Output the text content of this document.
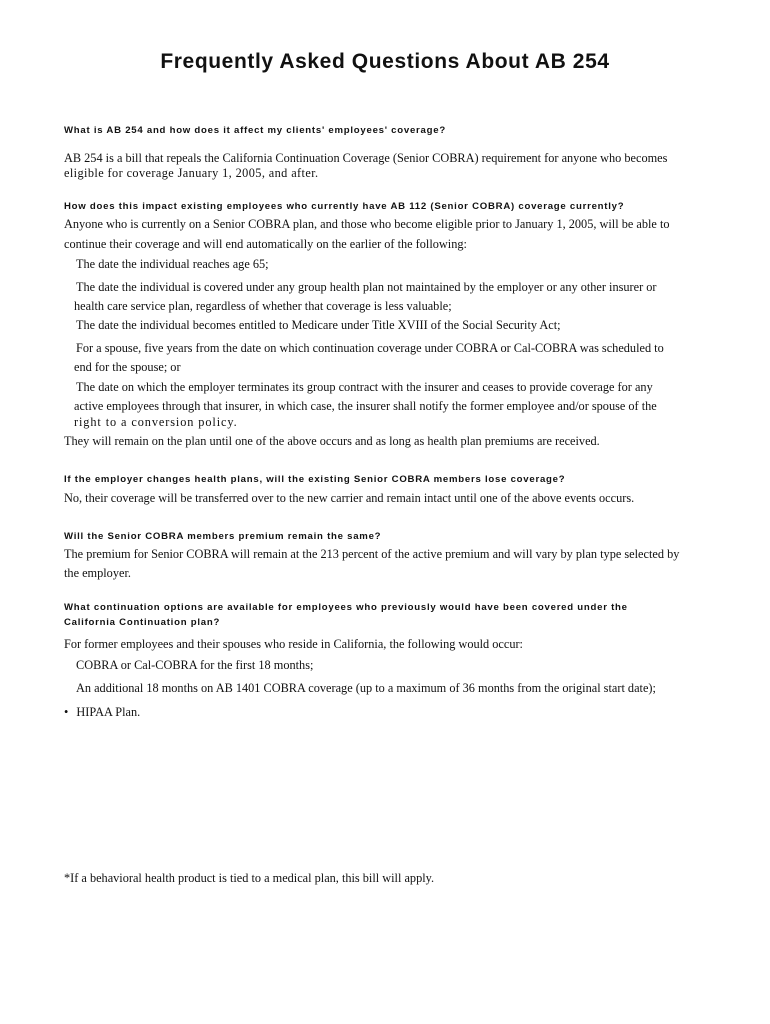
Frequently Asked Questions About AB 254
What is AB 254 and how does it affect my clients' employees' coverage?
AB 254 is a bill that repeals the California Continuation Coverage (Senior COBRA) requirement for anyone who becomes
eligible for coverage January 1, 2005, and after.
How does this impact existing employees who currently have AB 112 (Senior COBRA) coverage currently?
Anyone who is currently on a Senior COBRA plan, and those who become eligible prior to January 1, 2005, will be able to
continue their coverage and will end automatically on the earlier of the following:
The date the individual reaches age 65;
The date the individual is covered under any group health plan not maintained by the employer or any other insurer or
health care service plan, regardless of whether that coverage is less valuable;
The date the individual becomes entitled to Medicare under Title XVIII of the Social Security Act;
For a spouse, five years from the date on which continuation coverage under COBRA or Cal-COBRA was scheduled to
end for the spouse; or
The date on which the employer terminates its group contract with the insurer and ceases to provide coverage for any
active employees through that insurer, in which case, the insurer shall notify the former employee and/or spouse of the
right to a conversion policy.
They will remain on the plan until one of the above occurs and as long as health plan premiums are received.
If the employer changes health plans, will the existing Senior COBRA members lose coverage?
No, their coverage will be transferred over to the new carrier and remain intact until one of the above events occurs.
Will the Senior COBRA members premium remain the same?
The premium for Senior COBRA will remain at the 213 percent of the active premium and will vary by plan type selected by
the employer.
What continuation options are available for employees who previously would have been covered under the
California Continuation plan?
For former employees and their spouses who reside in California, the following would occur:
COBRA or Cal-COBRA for the first 18 months;
An additional 18 months on AB 1401 COBRA coverage (up to a maximum of 36 months from the original start date);
• HIPAA Plan.
*If a behavioral health product is tied to a medical plan, this bill will apply.
